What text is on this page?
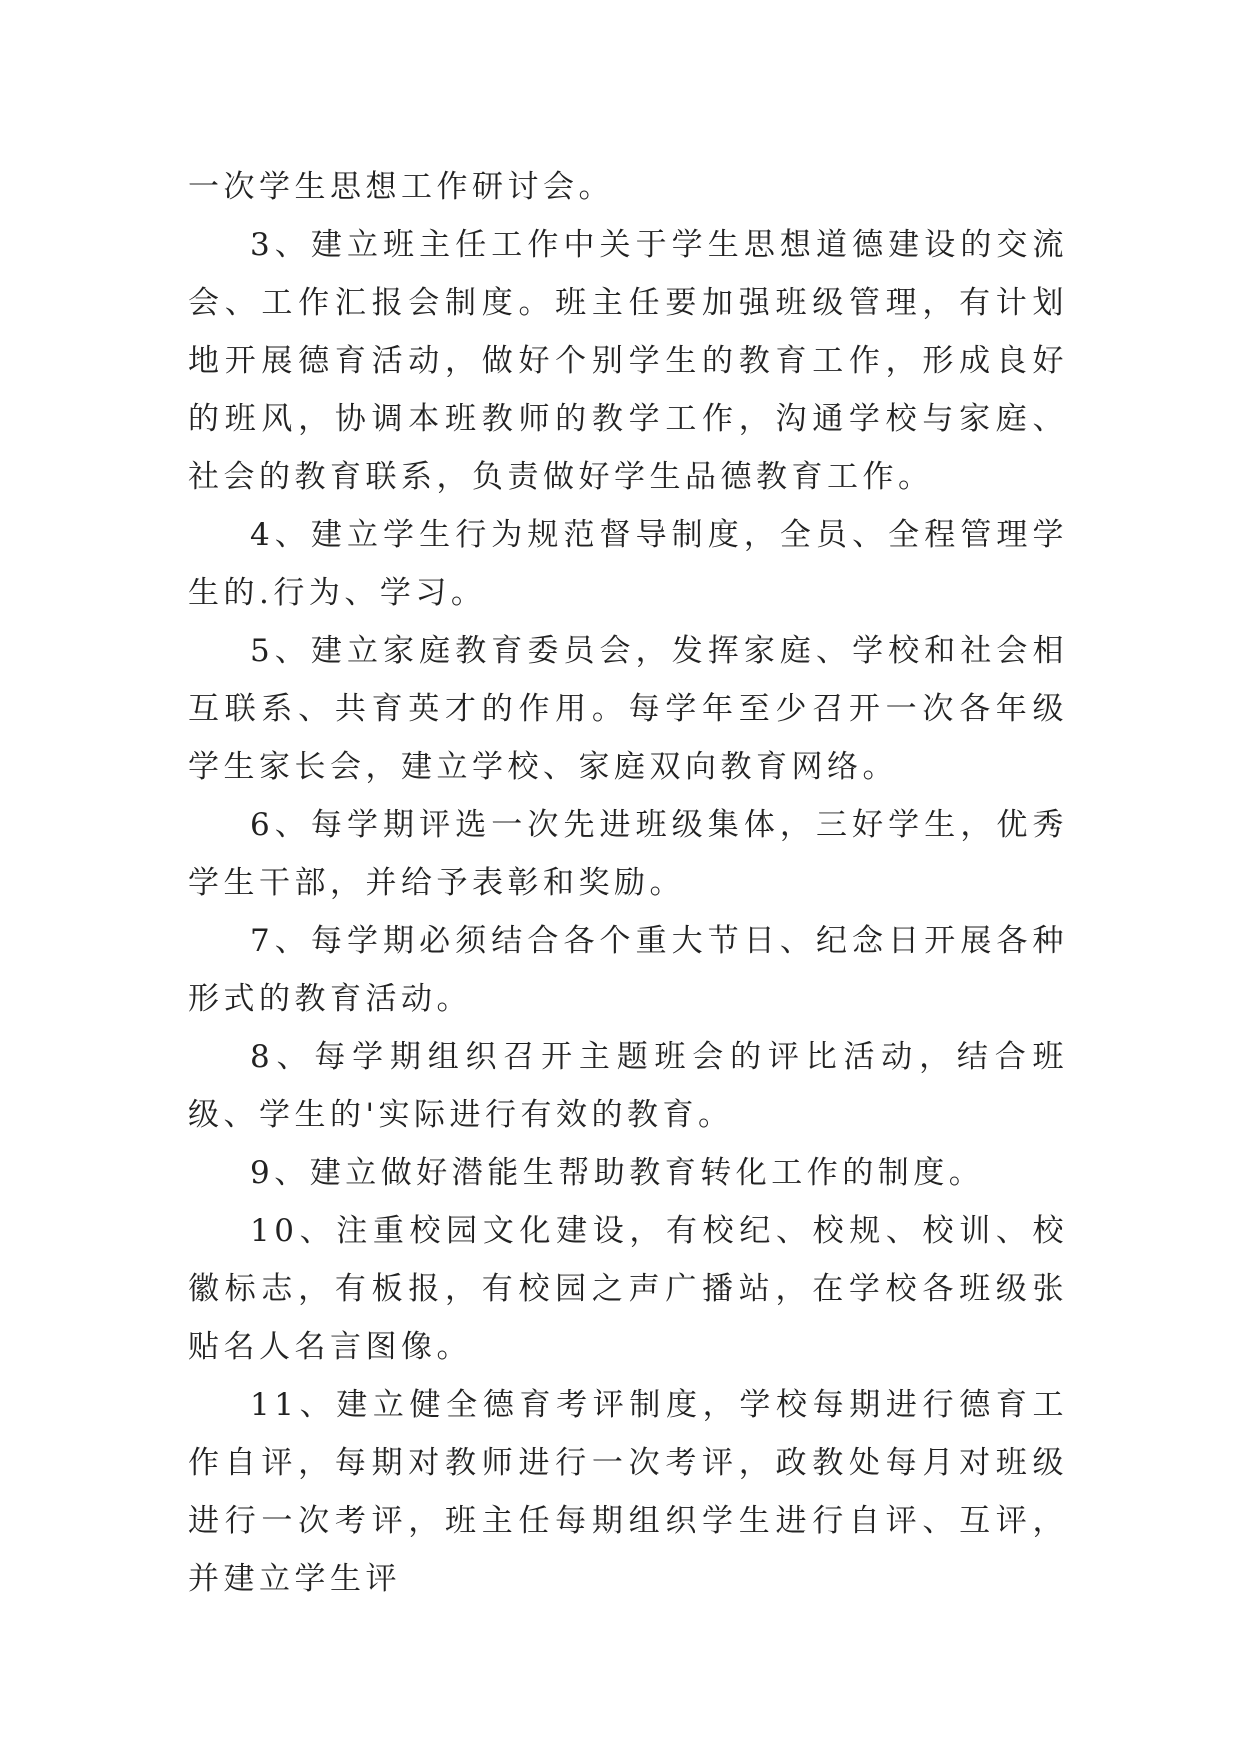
一次学生思想工作研讨会。

3、建立班主任工作中关于学生思想道德建设的交流会、工作汇报会制度。班主任要加强班级管理，有计划地开展德育活动，做好个别学生的教育工作，形成良好的班风，协调本班教师的教学工作，沟通学校与家庭、社会的教育联系，负责做好学生品德教育工作。

4、建立学生行为规范督导制度，全员、全程管理学生的.行为、学习。

5、建立家庭教育委员会，发挥家庭、学校和社会相互联系、共育英才的作用。每学年至少召开一次各年级学生家长会，建立学校、家庭双向教育网络。

6、每学期评选一次先进班级集体，三好学生，优秀学生干部，并给予表彰和奖励。

7、每学期必须结合各个重大节日、纪念日开展各种形式的教育活动。

8、每学期组织召开主题班会的评比活动，结合班级、学生的'实际进行有效的教育。

9、建立做好潜能生帮助教育转化工作的制度。

10、注重校园文化建设，有校纪、校规、校训、校徽标志，有板报，有校园之声广播站，在学校各班级张贴名人名言图像。

11、建立健全德育考评制度，学校每期进行德育工作自评，每期对教师进行一次考评，政教处每月对班级进行一次考评，班主任每期组织学生进行自评、互评，并建立学生评
